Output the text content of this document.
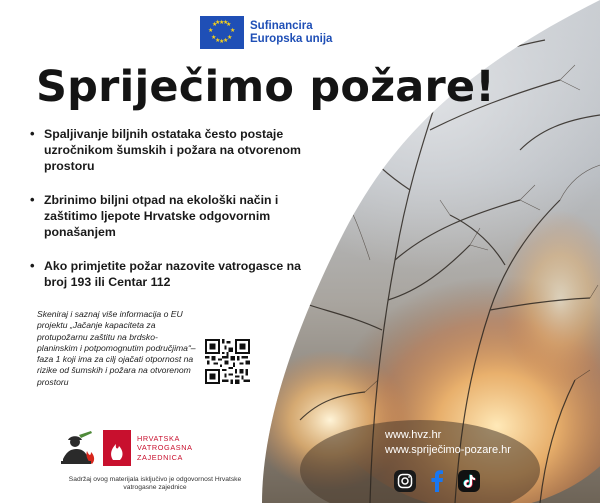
★ ★
★
★
★
★
★
★ ★
★
★
★
Sufinancira
Europska unija
Spriječimo požare!
• Spaljivanje biljnih ostataka često postaje uzročnikom šumskih i požara na otvorenom prostoru
• Zbrinimo biljni otpad na ekološki način i zaštitimo ljepote Hrvatske odgovornim ponašanjem
• Ako primjetite požar nazovite vatrogasce na broj 193 ili Centar 112
Skeniraj i saznaj više informacija o EU projektu „Jačanje kapaciteta za protupožarnu zaštitu na brdsko-planinskim i potpomognutim područjima“– faza 1 koji ima za cilj ojačati otpornost na rizike od šumskih i požara na otvorenom prostoru
HRVATSKA
VATROGASNA
ZAJEDNICA
Sadržaj ovog materijala isključivo je odgovornost Hrvatske vatrogasne zajednice
www.hvz.hr
www.spriječimo-pozare.hr
